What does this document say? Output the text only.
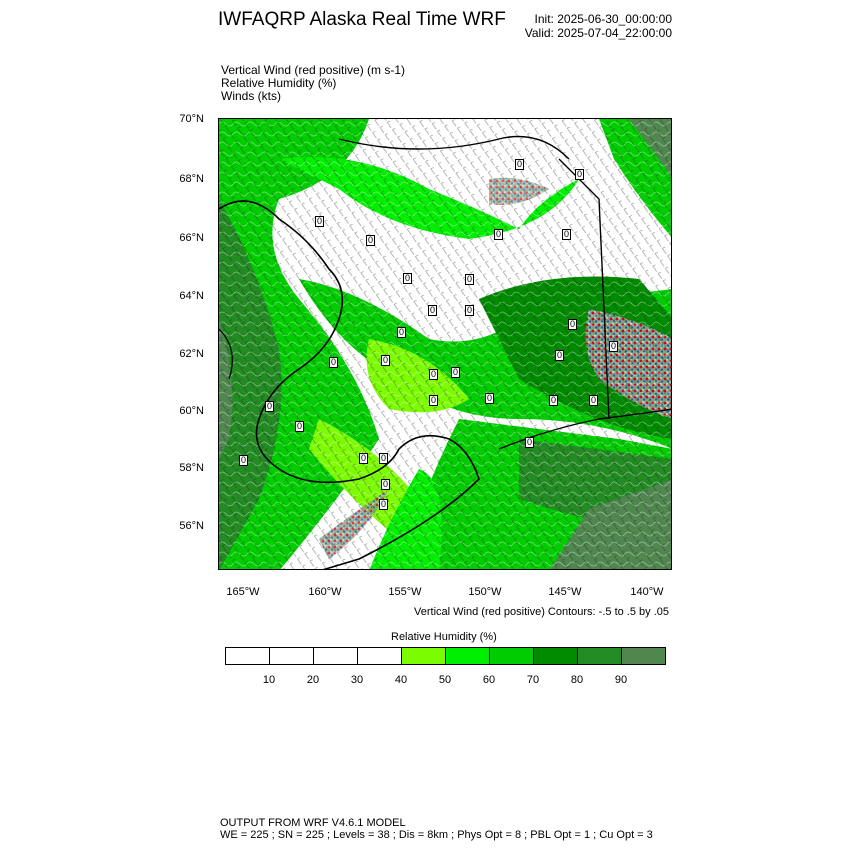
IWFAQRP Alaska Real Time WRF	Init: 2025-06-30_00:00:00
Valid: 2025-07-04_22:00:00
Vertical Wind (red positive) (m s-1)
Relative Humidity (%)
Winds (kts)
70°N
68°N
66°N
64°N
62°N
60°N
58°N
56°N
0
0
0
0
0	0
0	0
0	0
0
0
0
0
0	0
0 0
0	0	0	0
0
0
0 0
0
0
0
0
165°W	160°W	155°W	150°W	145°W	140°W
Vertical Wind (red positive) Contours: -.5 to .5 by .05
Relative Humidity (%)
10	20	30	40	50	60	70	80	90
OUTPUT FROM WRF V4.6.1 MODEL
WE = 225 ; SN = 225 ; Levels = 38 ; Dis = 8km ; Phys Opt = 8 ; PBL Opt = 1 ; Cu Opt = 3
